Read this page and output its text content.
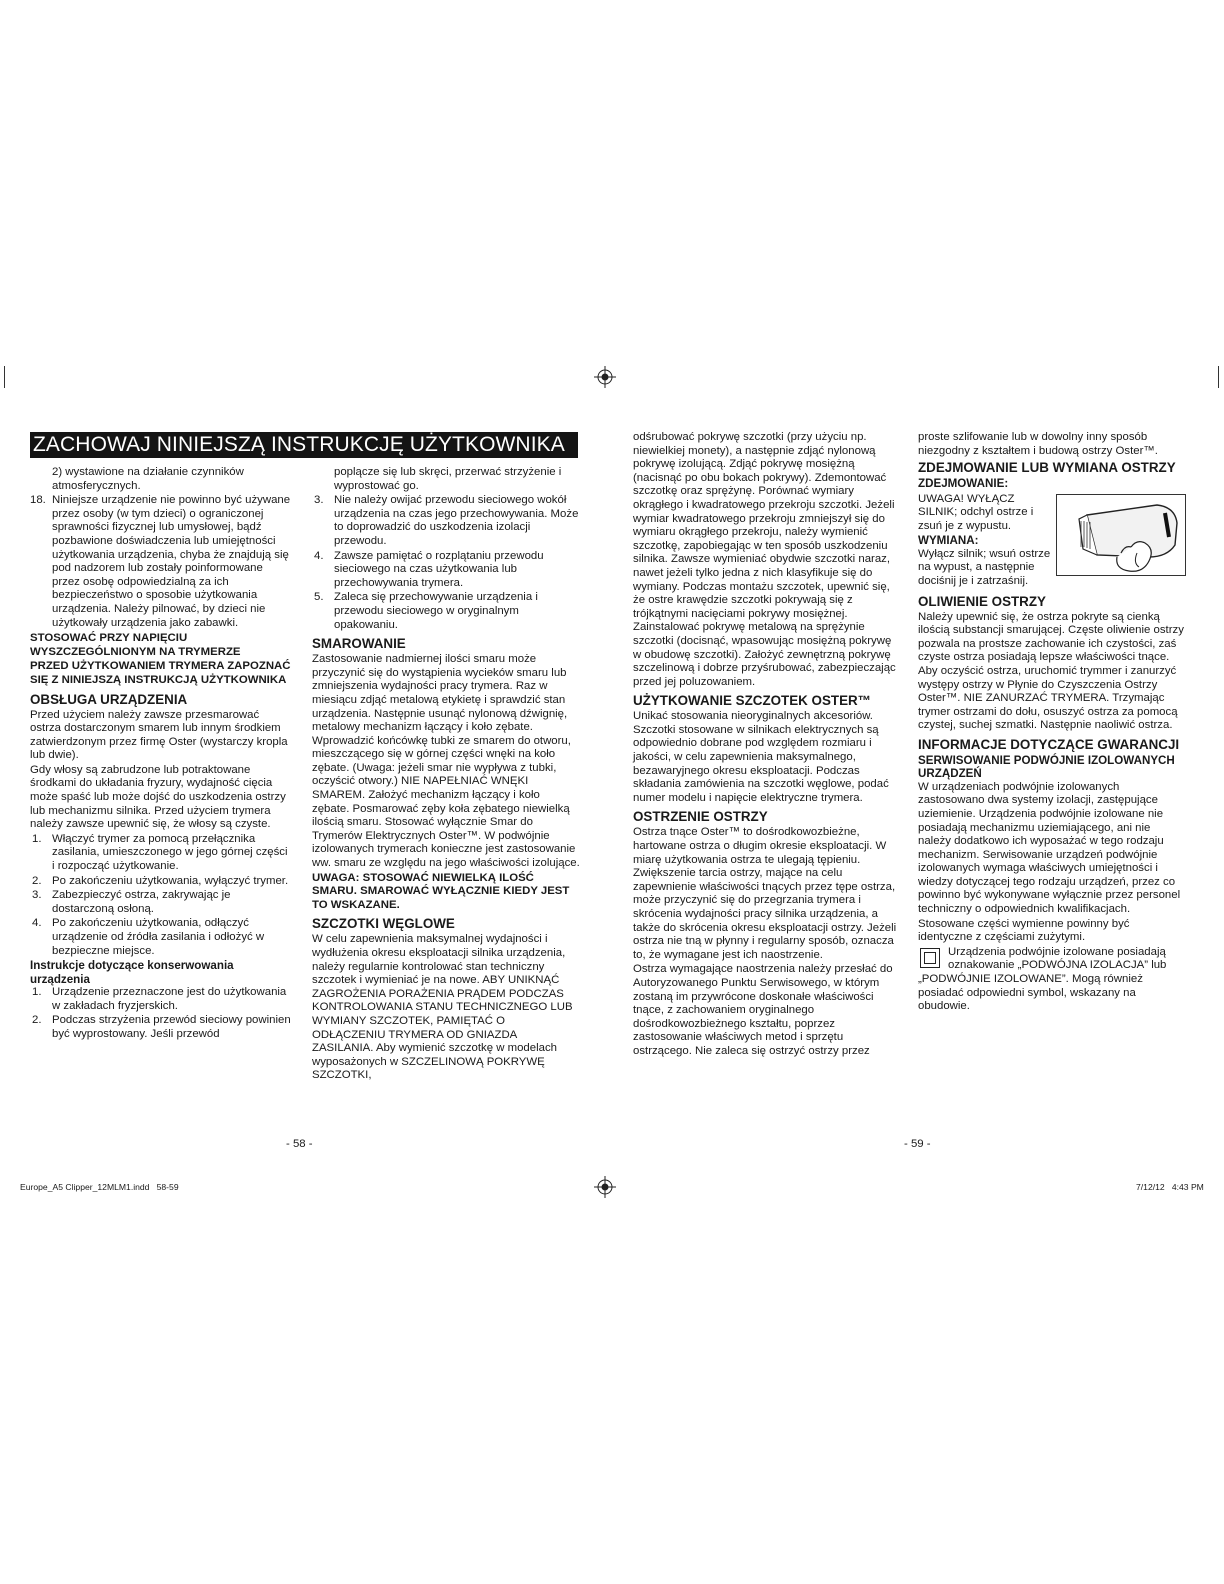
ZACHOWAJ NINIEJSZĄ INSTRUKCJĘ UŻYTKOWNIKA

2) wystawione na działanie czynników atmosferycznych.

18. Niniejsze urządzenie nie powinno być używane przez osoby (w tym dzieci) o ograniczonej sprawności fizycznej lub umysłowej, bądź pozbawione doświadczenia lub umiejętności użytkowania urządzenia, chyba że znajdują się pod nadzorem lub zostały poinformowane przez osobę odpowiedzialną za ich bezpieczeństwo o sposobie użytkowania urządzenia. Należy pilnować, by dzieci nie użytkowały urządzenia jako zabawki.

STOSOWAĆ PRZY NAPIĘCIU WYSZCZEGÓLNIONYM NA TRYMERZE

PRZED UŻYTKOWANIEM TRYMERA ZAPOZNAĆ SIĘ Z NINIEJSZĄ INSTRUKCJĄ UŻYTKOWNIKA

OBSŁUGA URZĄDZENIA

Przed użyciem należy zawsze przesmarować ostrza dostarczonym smarem lub innym środkiem zatwierdzonym przez firmę Oster (wystarczy kropla lub dwie).

Gdy włosy są zabrudzone lub potraktowane środkami do układania fryzury, wydajność cięcia może spaść lub może dojść do uszkodzenia ostrzy lub mechanizmu silnika. Przed użyciem trymera należy zawsze upewnić się, że włosy są czyste.

1. Włączyć trymer za pomocą przełącznika zasilania, umieszczonego w jego górnej części i rozpocząć użytkowanie.
2. Po zakończeniu użytkowania, wyłączyć trymer.
3. Zabezpieczyć ostrza, zakrywając je dostarczoną osłoną.
4. Po zakończeniu użytkowania, odłączyć urządzenie od źródła zasilania i odłożyć w bezpieczne miejsce.
Instrukcje dotyczące konserwowania urządzenia
1. Urządzenie przeznaczone jest do użytkowania w zakładach fryzjerskich.
2. Podczas strzyżenia przewód sieciowy powinien być wyprostowany. Jeśli przewód

poplącze się lub skręci, przerwać strzyżenie i wyprostować go.

3. Nie należy owijać przewodu sieciowego wokół urządzenia na czas jego przechowywania. Może to doprowadzić do uszkodzenia izolacji przewodu.
4. Zawsze pamiętać o rozplątaniu przewodu sieciowego na czas użytkowania lub przechowywania trymera.
5. Zaleca się przechowywanie urządzenia i przewodu sieciowego w oryginalnym opakowaniu.
SMAROWANIE

Zastosowanie nadmiernej ilości smaru może przyczynić się do wystąpienia wycieków smaru lub zmniejszenia wydajności pracy trymera. Raz w miesiącu zdjąć metalową etykietę i sprawdzić stan urządzenia. Następnie usunąć nylonową dźwignię, metalowy mechanizm łączący i koło zębate. Wprowadzić końcówkę tubki ze smarem do otworu, mieszczącego się w górnej części wnęki na koło zębate. (Uwaga: jeżeli smar nie wypływa z tubki, oczyścić otwory.) NIE NAPEŁNIAĆ WNĘKI SMAREM. Założyć mechanizm łączący i koło zębate. Posmarować zęby koła zębatego niewielką ilością smaru. Stosować wyłącznie Smar do Trymerów Elektrycznych Oster™. W podwójnie izolowanych trymerach konieczne jest zastosowanie ww. smaru ze względu na jego właściwości izolujące.

UWAGA: STOSOWAĆ NIEWIELKĄ ILOŚĆ SMARU. SMAROWAĆ WYŁĄCZNIE KIEDY JEST TO WSKAZANE.

SZCZOTKI WĘGLOWE

W celu zapewnienia maksymalnej wydajności i wydłużenia okresu eksploatacji silnika urządzenia, należy regularnie kontrolować stan techniczny szczotek i wymieniać je na nowe. ABY UNIKNĄĆ ZAGROŻENIA PORAŻENIA PRĄDEM PODCZAS KONTROLOWANIA STANU TECHNICZNEGO LUB WYMIANY SZCZOTEK, PAMIĘTAĆ O ODŁĄCZENIU TRYMERA OD GNIAZDA ZASILANIA. Aby wymienić szczotkę w modelach wyposażonych w SZCZELINOWĄ POKRYWĘ SZCZOTKI,

odśrubować pokrywę szczotki (przy użyciu np. niewielkiej monety), a następnie zdjąć nylonową pokrywę izolującą. Zdjąć pokrywę mosiężną (nacisnąć po obu bokach pokrywy). Zdemontować szczotkę oraz sprężynę. Porównać wymiary okrągłego i kwadratowego przekroju szczotki. Jeżeli wymiar kwadratowego przekroju zmniejszył się do wymiaru okrągłego przekroju, należy wymienić szczotkę, zapobiegając w ten sposób uszkodzeniu silnika. Zawsze wymieniać obydwie szczotki naraz, nawet jeżeli tylko jedna z nich klasyfikuje się do wymiany. Podczas montażu szczotek, upewnić się, że ostre krawędzie szczotki pokrywają się z trójkątnymi nacięciami pokrywy mosiężnej. Zainstalować pokrywę metalową na sprężynie szczotki (docisnąć, wpasowując mosiężną pokrywę w obudowę szczotki). Założyć zewnętrzną pokrywę szczelinową i dobrze przyśrubować, zabezpieczając przed jej poluzowaniem.

UŻYTKOWANIE SZCZOTEK OSTER™

Unikać stosowania nieoryginalnych akcesoriów. Szczotki stosowane w silnikach elektrycznych są odpowiednio dobrane pod względem rozmiaru i jakości, w celu zapewnienia maksymalnego, bezawaryjnego okresu eksploatacji. Podczas składania zamówienia na szczotki węglowe, podać numer modelu i napięcie elektryczne trymera.

OSTRZENIE OSTRZY

Ostrza tnące Oster™ to dośrodkowozbieżne, hartowane ostrza o długim okresie eksploatacji. W miarę użytkowania ostrza te ulegają tępieniu. Zwiększenie tarcia ostrzy, mające na celu zapewnienie właściwości tnących przez tępe ostrza, może przyczynić się do przegrzania trymera i skrócenia wydajności pracy silnika urządzenia, a także do skrócenia okresu eksploatacji ostrzy. Jeżeli ostrza nie tną w płynny i regularny sposób, oznacza to, że wymagane jest ich naostrzenie.

Ostrza wymagające naostrzenia należy przesłać do Autoryzowanego Punktu Serwisowego, w którym zostaną im przywrócone doskonałe właściwości tnące, z zachowaniem oryginalnego dośrodkowozbieżnego kształtu, poprzez zastosowanie właściwych metod i sprzętu ostrzącego. Nie zaleca się ostrzyć ostrzy przez

proste szlifowanie lub w dowolny inny sposób niezgodny z kształtem i budową ostrzy Oster™.

ZDEJMOWANIE LUB WYMIANA OSTRZY
ZDEJMOWANIE:

UWAGA! WYŁĄCZ SILNIK; odchyl ostrze i zsuń je z wypustu.

WYMIANA:

Wyłącz silnik; wsuń ostrze na wypust, a następnie dociśnij je i zatrzaśnij.

OLIWIENIE OSTRZY

Należy upewnić się, że ostrza pokryte są cienką ilością substancji smarującej. Częste oliwienie ostrzy pozwala na prostsze zachowanie ich czystości, zaś czyste ostrza posiadają lepsze właściwości tnące. Aby oczyścić ostrza, uruchomić trymmer i zanurzyć występy ostrzy w Płynie do Czyszczenia Ostrzy Oster™. NIE ZANURZAĆ TRYMERA. Trzymając trymer ostrzami do dołu, osuszyć ostrza za pomocą czystej, suchej szmatki. Następnie naoliwić ostrza.

INFORMACJE DOTYCZĄCE GWARANCJI
SERWISOWANIE PODWÓJNIE IZOLOWANYCH URZĄDZEŃ

W urządzeniach podwójnie izolowanych zastosowano dwa systemy izolacji, zastępujące uziemienie. Urządzenia podwójnie izolowane nie posiadają mechanizmu uziemiającego, ani nie należy dodatkowo ich wyposażać w tego rodzaju mechanizm. Serwisowanie urządzeń podwójnie izolowanych wymaga właściwych umiejętności i wiedzy dotyczącej tego rodzaju urządzeń, przez co powinno być wykonywane wyłącznie przez personel techniczny o odpowiednich kwalifikacjach.

Stosowane części wymienne powinny być identyczne z częściami zużytymi.

Urządzenia podwójnie izolowane posiadają oznakowanie „PODWÓJNA IZOLACJA” lub „PODWÓJNIE IZOLOWANE”. Mogą również posiadać odpowiedni symbol, wskazany na obudowie.

- 58 -	- 59 -
Europe_A5 Clipper_12MLM1.indd   58-59	7/12/12   4:43 PM
